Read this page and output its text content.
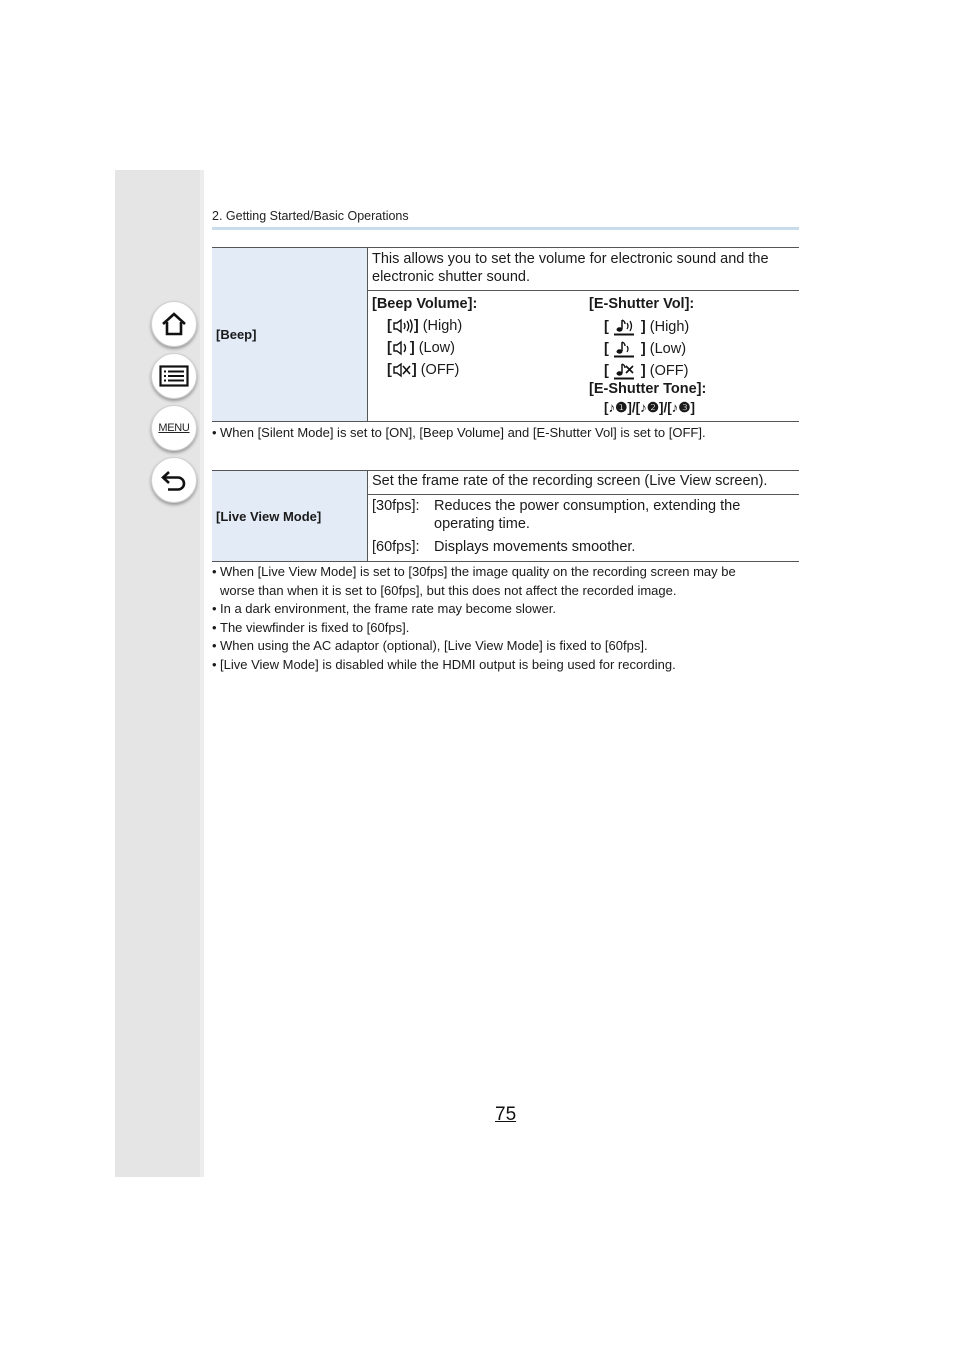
MENU
2. Getting Started/Basic Operations
[Beep]	
This allows you to set the volume for electronic sound and the electronic shutter sound.

[Beep Volume]:
[ ] (High)
[ ] (Low)
[ ] (OFF)
[E-Shutter Vol]:
[ ] (High)
[ ] (Low)
[ ] (OFF)
[E-Shutter Tone]:
[♪❶]/[♪❷]/[♪❸]
• When [Silent Mode] is set to [ON], [Beep Volume] and [E-Shutter Vol] is set to [OFF].
[Live View Mode]	
Set the frame rate of the recording screen (Live View screen).

[30fps]: Reduces the power consumption, extending the operating time.

[60fps]: Displays movements smoother.
• When [Live View Mode] is set to [30fps] the image quality on the recording screen may be
worse than when it is set to [60fps], but this does not affect the recorded image.
• In a dark environment, the frame rate may become slower.
• The viewfinder is fixed to [60fps].
• When using the AC adaptor (optional), [Live View Mode] is fixed to [60fps].
• [Live View Mode] is disabled while the HDMI output is being used for recording.
75
